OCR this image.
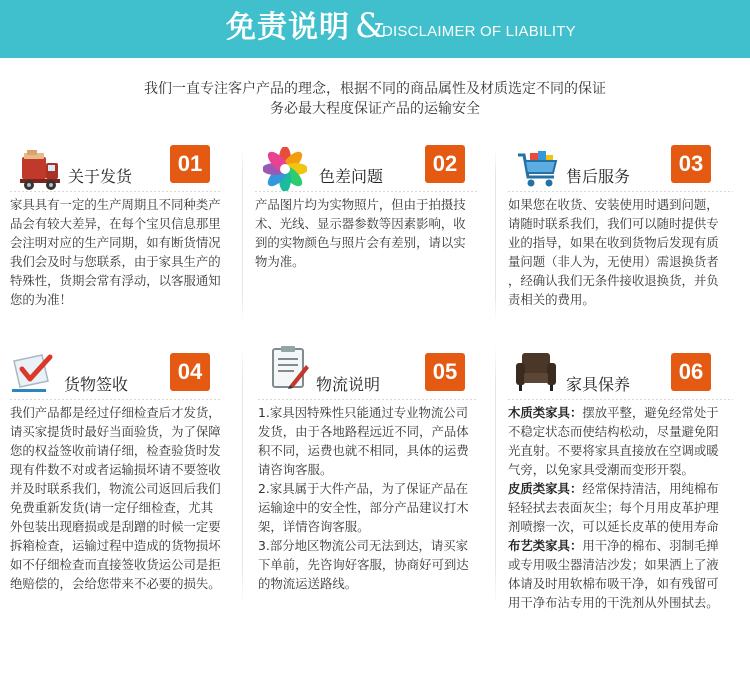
免责说明 &
DISCLAIMER OF LIABILITY
我们一直专注客户产品的理念，根据不同的商品属性及材质选定不同的保证
务必最大程度保证产品的运输安全
关于发货
01

家具具有一定的生产周期且不同种类产

品会有较大差异，在每个宝贝信息那里

会注明对应的生产同期，如有断货情况

我们会及时与您联系，由于家具生产的

特殊性，货期会常有浮动，以客服通知

您的为准！

色差问题
02

产品图片均为实物照片，但由于拍摄技

术、光线、显示器参数等因素影响，收

到的实物颜色与照片会有差别，请以实

物为准。

售后服务
03

如果您在收货、安装使用时遇到问题，

请随时联系我们，我们可以随时提供专

业的指导，如果在收到货物后发现有质

量问题（非人为，无使用）需退换货者

，经确认我们无条件接收退换货，并负

责相关的费用。

货物签收
04

我们产品都是经过仔细检查后才发货，

请买家提货时最好当面验货，为了保障

您的权益签收前请仔细，检查验货时发

现有件数不对或者运输损坏请不要签收

并及时联系我们，物流公司返回后我们

免费重新发货(请一定仔细检查，尤其

外包装出现磨损或是刮蹭的时候一定要

拆箱检查，运输过程中造成的货物损坏

如不仔细检查而直接签收货运公司是拒

绝赔偿的，会给您带来不必要的损失。

物流说明
05

1.家具因特殊性只能通过专业物流公司

发货，由于各地路程远近不同，产品体

积不同，运费也就不相同，具体的运费

请咨询客服。

2.家具属于大件产品，为了保证产品在

运输途中的安全性，部分产品建议打木

架，详情咨询客服。

3.部分地区物流公司无法到达，请买家

下单前，先咨询好客服，协商好可到达

的物流运送路线。

家具保养
06

木质类家具：摆放平整，避免经常处于

不稳定状态而使结构松动，尽量避免阳

光直射。不要将家具直接放在空调或暖

气旁，以免家具受潮而变形开裂。

皮质类家具：经常保持清洁，用纯棉布

轻轻拭去表面灰尘；每个月用皮革护理

剂喷擦一次，可以延长皮革的使用寿命

布艺类家具：用干净的棉布、羽制毛掸

或专用吸尘器清洁沙发；如果洒上了液

体请及时用软棉布吸干净，如有残留可

用干净布沾专用的干洗剂从外围拭去。
